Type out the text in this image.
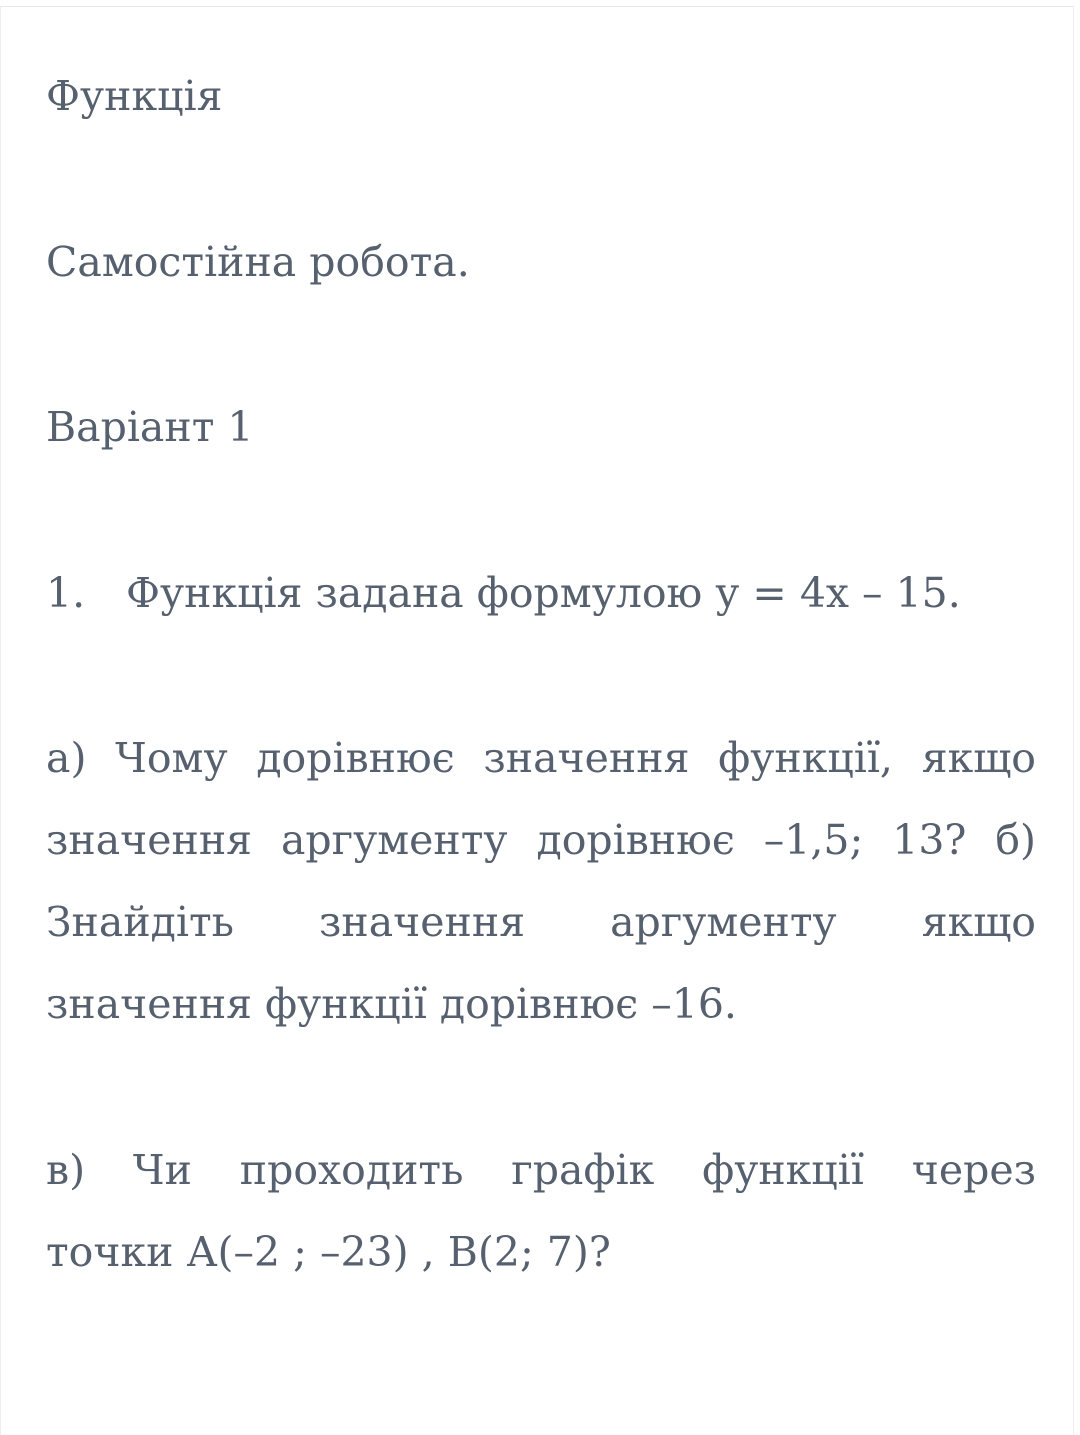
Функція

Самостійна робота.

Варіант 1

1. Функція задана формулою у = 4х – 15.

а) Чому дорівнює значення функції, якщо
значення аргументу дорівнює –1,5; 13? б)
Знайдіть значення аргументу якщо
значення функції дорівнює –16.
в) Чи проходить графік функції через
точки А(–2 ; –23) , В(2; 7)?
